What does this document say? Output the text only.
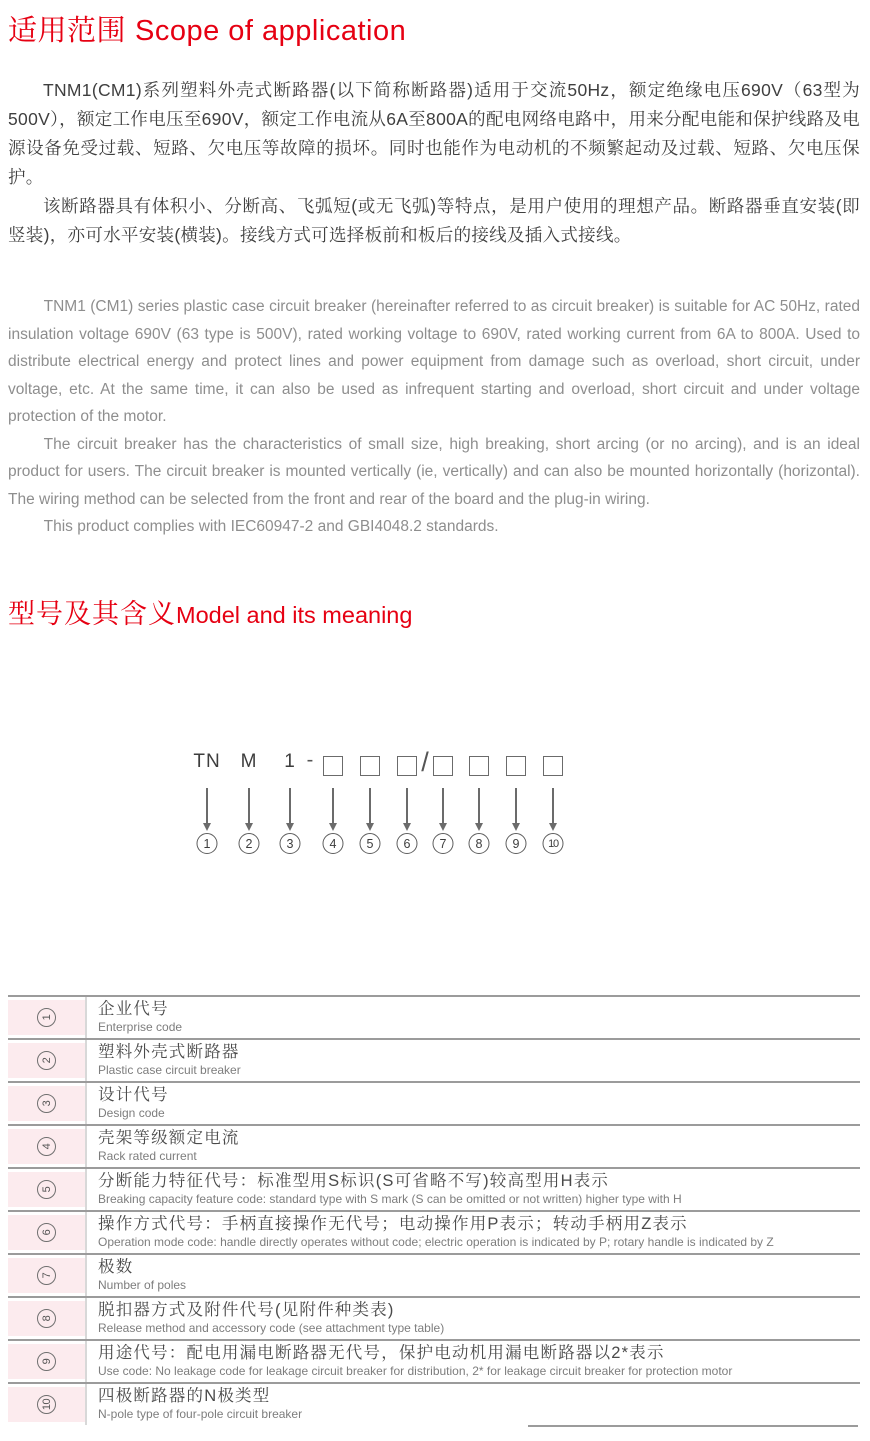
适用范围 Scope of application

TNM1(CM1)系列塑料外壳式断路器(以下简称断路器)适用于交流50Hz，额定绝缘电压690V（63型为500V），额定工作电压至690V，额定工作电流从6A至800A的配电网络电路中，用来分配电能和保护线路及电源设备免受过载、短路、欠电压等故障的损坏。同时也能作为电动机的不频繁起动及过载、短路、欠电压保护。

该断路器具有体积小、分断高、飞弧短(或无飞弧)等特点，是用户使用的理想产品。断路器垂直安装(即竖装)，亦可水平安装(横装)。接线方式可选择板前和板后的接线及插入式接线。

TNM1 (CM1) series plastic case circuit breaker (hereinafter referred to as circuit breaker) is suitable for AC 50Hz, rated insulation voltage 690V (63 type is 500V), rated working voltage to 690V, rated working current from 6A to 800A. Used to distribute electrical energy and protect lines and power equipment from damage such as overload, short circuit, under voltage, etc. At the same time, it can also be used as infrequent starting and overload, short circuit and under voltage protection of the motor.

The circuit breaker has the characteristics of small size, high breaking, short arcing (or no arcing), and is an ideal product for users. The circuit breaker is mounted vertically (ie, vertically) and can also be mounted horizontally (horizontal). The wiring method can be selected from the front and rear of the board and the plug-in wiring.

This product complies with IEC60947-2 and GBI4048.2 standards.

型号及其含义Model and its meaning
TN
1
M
2
1
3
-
4	5	6
/
7	8	9	10
1	企业代号
Enterprise code
2	塑料外壳式断路器
Plastic case circuit breaker
3	设计代号
Design code
4	壳架等级额定电流
Rack rated current
5	分断能力特征代号：标准型用S标识(S可省略不写)较高型用H表示
Breaking capacity feature code: standard type with S mark (S can be omitted or not written) higher type with H
6	操作方式代号：手柄直接操作无代号；电动操作用P表示；转动手柄用Z表示
Operation mode code: handle directly operates without code; electric operation is indicated by P; rotary handle is indicated by Z
7	极数
Number of poles
8	脱扣器方式及附件代号(见附件种类表)
Release method and accessory code (see attachment type table)
9	用途代号：配电用漏电断路器无代号，保护电动机用漏电断路器以2*表示
Use code: No leakage code for leakage circuit breaker for distribution, 2* for leakage circuit breaker for protection motor
10	四极断路器的N极类型
N-pole type of four-pole circuit breaker
